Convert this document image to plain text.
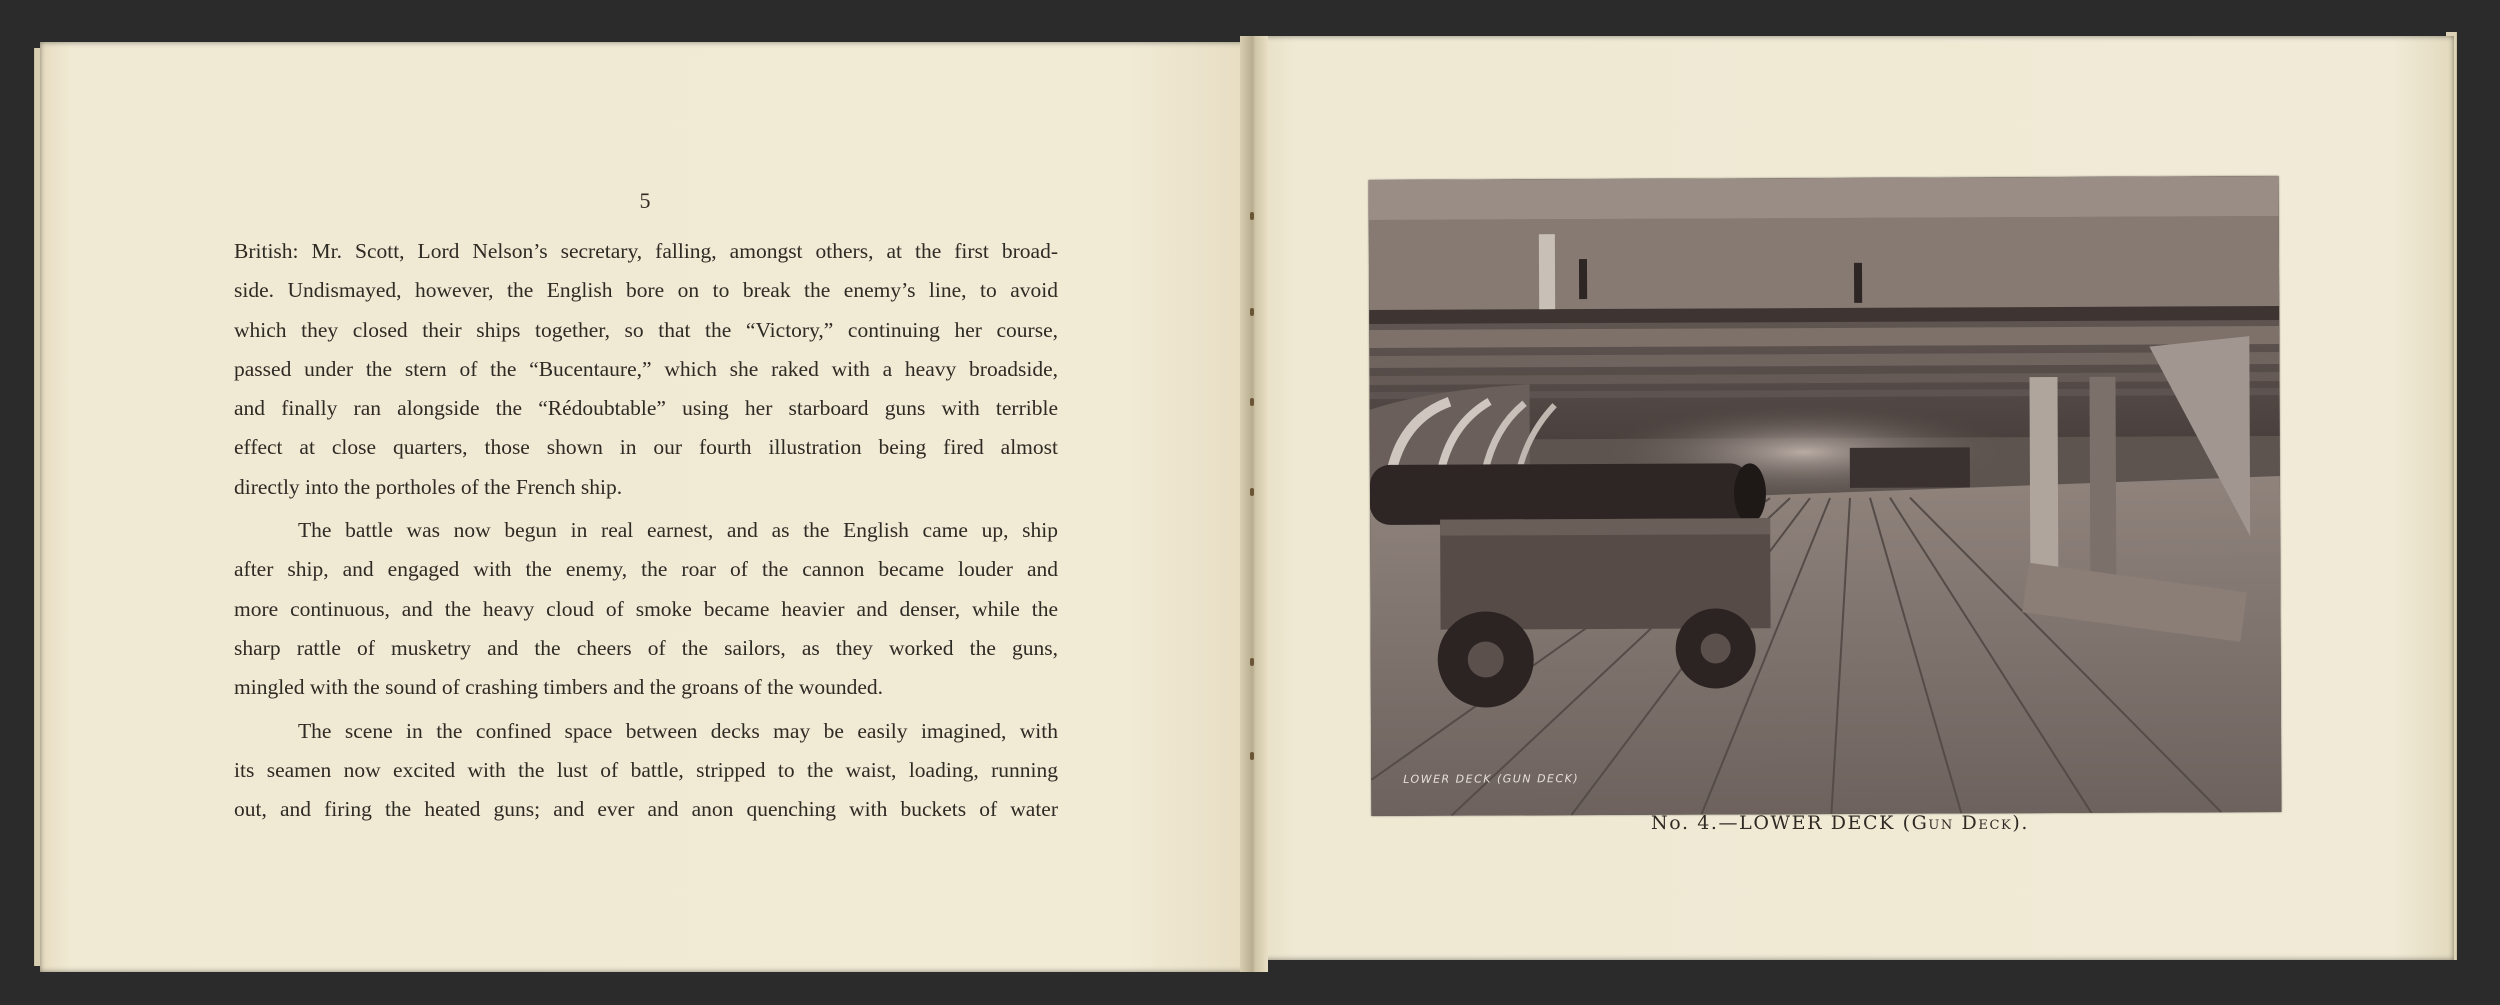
5
British: Mr. Scott, Lord Nelson’s secretary, falling, amongst others, at the first broad-
side. Undismayed, however, the English bore on to break the enemy’s line, to avoid
which they closed their ships together, so that the “Victory,” continuing her course,
passed under the stern of the “Bucentaure,” which she raked with a heavy broadside,
and finally ran alongside the “Rédoubtable” using her starboard guns with terrible
effect at close quarters, those shown in our fourth illustration being fired almost
directly into the portholes of the French ship.
The battle was now begun in real earnest, and as the English came up, ship
after ship, and engaged with the enemy, the roar of the cannon became louder and
more continuous, and the heavy cloud of smoke became heavier and denser, while the
sharp rattle of musketry and the cheers of the sailors, as they worked the guns,
mingled with the sound of crashing timbers and the groans of the wounded.
The scene in the confined space between decks may be easily imagined, with
its seamen now excited with the lust of battle, stripped to the waist, loading, running
out, and firing the heated guns; and ever and anon quenching with buckets of water
LOWER DECK (GUN DECK)
No. 4.—LOWER DECK (Gun Deck).
